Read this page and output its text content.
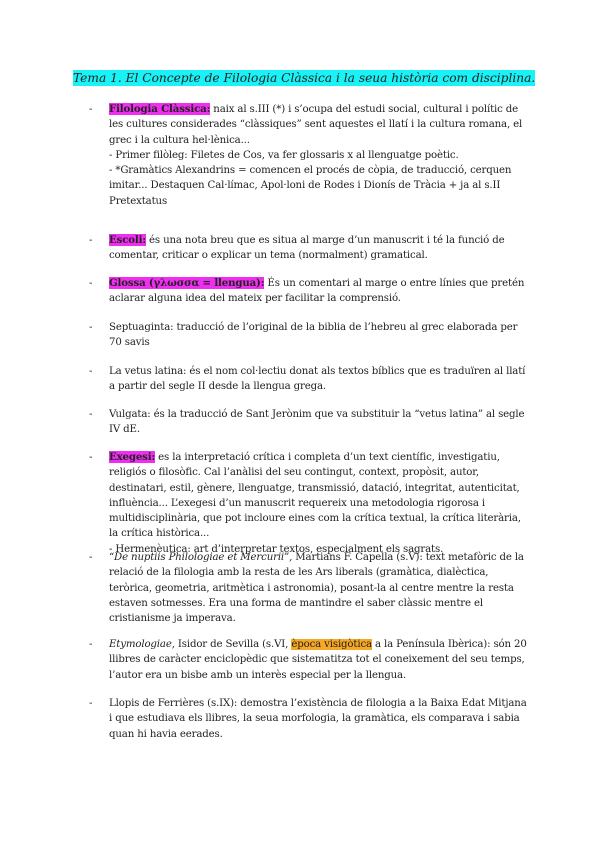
Tema 1. El Concepte de Filologia Clàssica i la seua història com disciplina.
- Filologia Clàssica: naix al s.III (*) i s’ocupa del estudi social, cultural i polític de les cultures considerades “clàssiques” sent aquestes el llatí i la cultura romana, el grec i la cultura hel·lènica...
- Primer filòleg: Filetes de Cos, va fer glossaris x al llenguatge poètic.
- *Gramàtics Alexandrins = comencen el procés de còpia, de traducció, cerquen imitar... Destaquen Cal·límac, Apol·loni de Rodes i Dionís de Tràcia + ja al s.II Pretextatus
- Escoli: és una nota breu que es situa al marge d’un manuscrit i té la funció de comentar, criticar o explicar un tema (normalment) gramatical.
- Glossa (γλωσσα = llengua): És un comentari al marge o entre línies que pretén aclarar alguna idea del mateix per facilitar la comprensió.
- Septuaginta: traducció de l’original de la biblia de l’hebreu al grec elaborada per 70 savis
- La vetus latina: és el nom col·lectiu donat als textos bíblics que es traduïren al llatí a partir del segle II desde la llengua grega.
- Vulgata: és la traducció de Sant Jerònim que va substituir la “vetus latina” al segle IV dE.
- Exegesi: es la interpretació crítica i completa d’un text científic, investigatiu, religiós o filosòfic. Cal l’anàlisi del seu contingut, context, propòsit, autor, destinatari, estil, gènere, llenguatge, transmissió, datació, integritat, autenticitat, influència... L’exegesi d’un manuscrit requereix una metodologia rigorosa i multidisciplinària, que pot incloure eines com la crítica textual, la crítica literària, la crítica històrica...
- Hermenèutica: art d’interpretar textos, especialment els sagrats.
- “De nuptiis Philologiae et Mercurii”, Martians F. Capella (s.V): text metafòric de la relació de la filologia amb la resta de les Ars liberals (gramàtica, dialèctica, teròrica, geometria, aritmètica i astronomia), posant-la al centre mentre la resta estaven sotmesses. Era una forma de mantindre el saber clàssic mentre el cristianisme ja imperava.
- Etymologiae, Isidor de Sevilla (s.VI, època visigòtica a la Península Ibèrica): són 20 llibres de caràcter enciclopèdic que sistematitza tot el coneixement del seu temps, l’autor era un bisbe amb un interès especial per la llengua.
- Llopis de Ferrières (s.IX): demostra l’existència de filologia a la Baixa Edat Mitjana i que estudiava els llibres, la seua morfologia, la gramàtica, els comparava i sabia quan hi havia eerades.
